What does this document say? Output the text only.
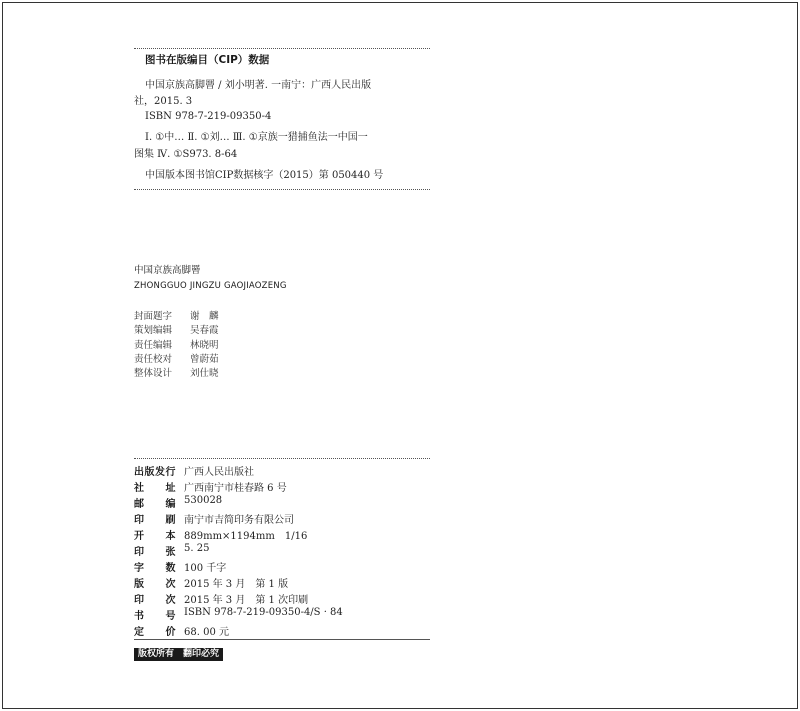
图书在版编目（CIP）数据
中国京族高脚罾 / 刘小明著. 一南宁：广西人民出版
社，2015. 3
ISBN 978-7-219-09350-4
Ⅰ. ①中… Ⅱ. ①刘… Ⅲ. ①京族一猎捕鱼法一中国一
图集 Ⅳ. ①S973. 8-64
中国版本图书馆CIP数据核字（2015）第 050440 号
中国京族高脚罾
ZHONGGUO JINGZU GAOJIAOZENG
封面题字	谢　麟
策划编辑	吴春霞
责任编辑	林晓明
责任校对	曾蔚茹
整体设计	刘仕晓
出版发行 广西人民出版社
社　　址 广西南宁市桂春路 6 号
邮　　编 530028
印　　刷 南宁市吉简印务有限公司
开　　本 889mm×1194mm　1/16
印　　张 5. 25
字　　数 100 千字
版　　次 2015 年 3 月　第 1 版
印　　次 2015 年 3 月　第 1 次印刷
书　　号 ISBN 978-7-219-09350-4/S · 84
定　　价 68. 00 元
版权所有　翻印必究
